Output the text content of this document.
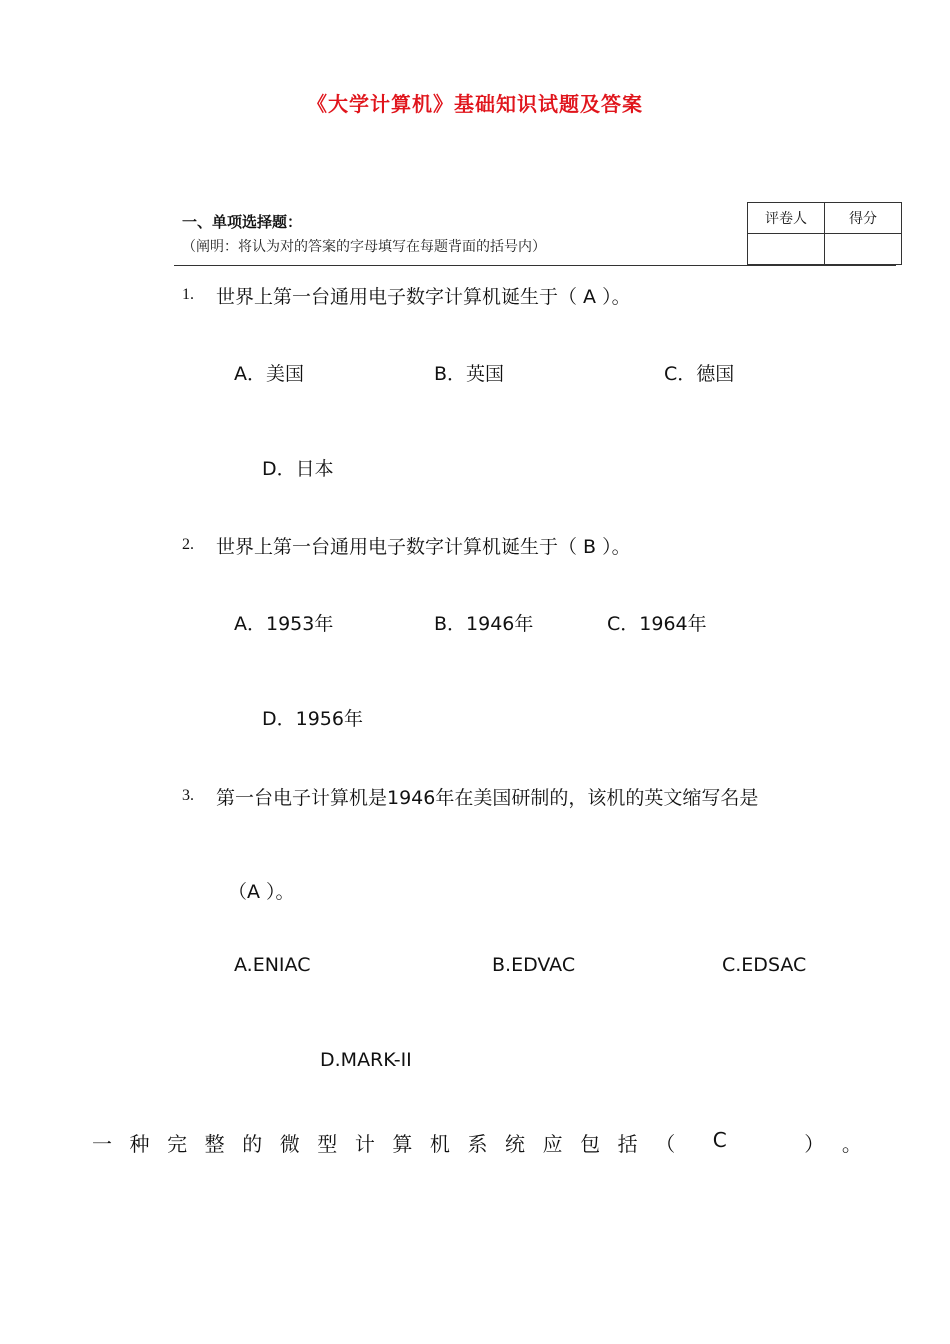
《大学计算机》基础知识试题及答案
一、单项选择题：
（阐明：将认为对的答案的字母填写在每题背面的括号内）
评卷人	得分

1. 世界上第一台通用电子数字计算机诞生于（ A ）。
A．美国	B．英国	C．德国
D．日本
2. 世界上第一台通用电子数字计算机诞生于（ B ）。
A．1953年	B．1946年	C．1964年
D．1956年
3. 第一台电子计算机是1946年在美国研制的，该机的英文缩写名是
（A ）。
A.ENIAC	B.EDVAC	C.EDSAC
D.MARK-II
一 种 完 整 的 微 型 计 算 机 系 统 应 包 括 （ C	） 。
